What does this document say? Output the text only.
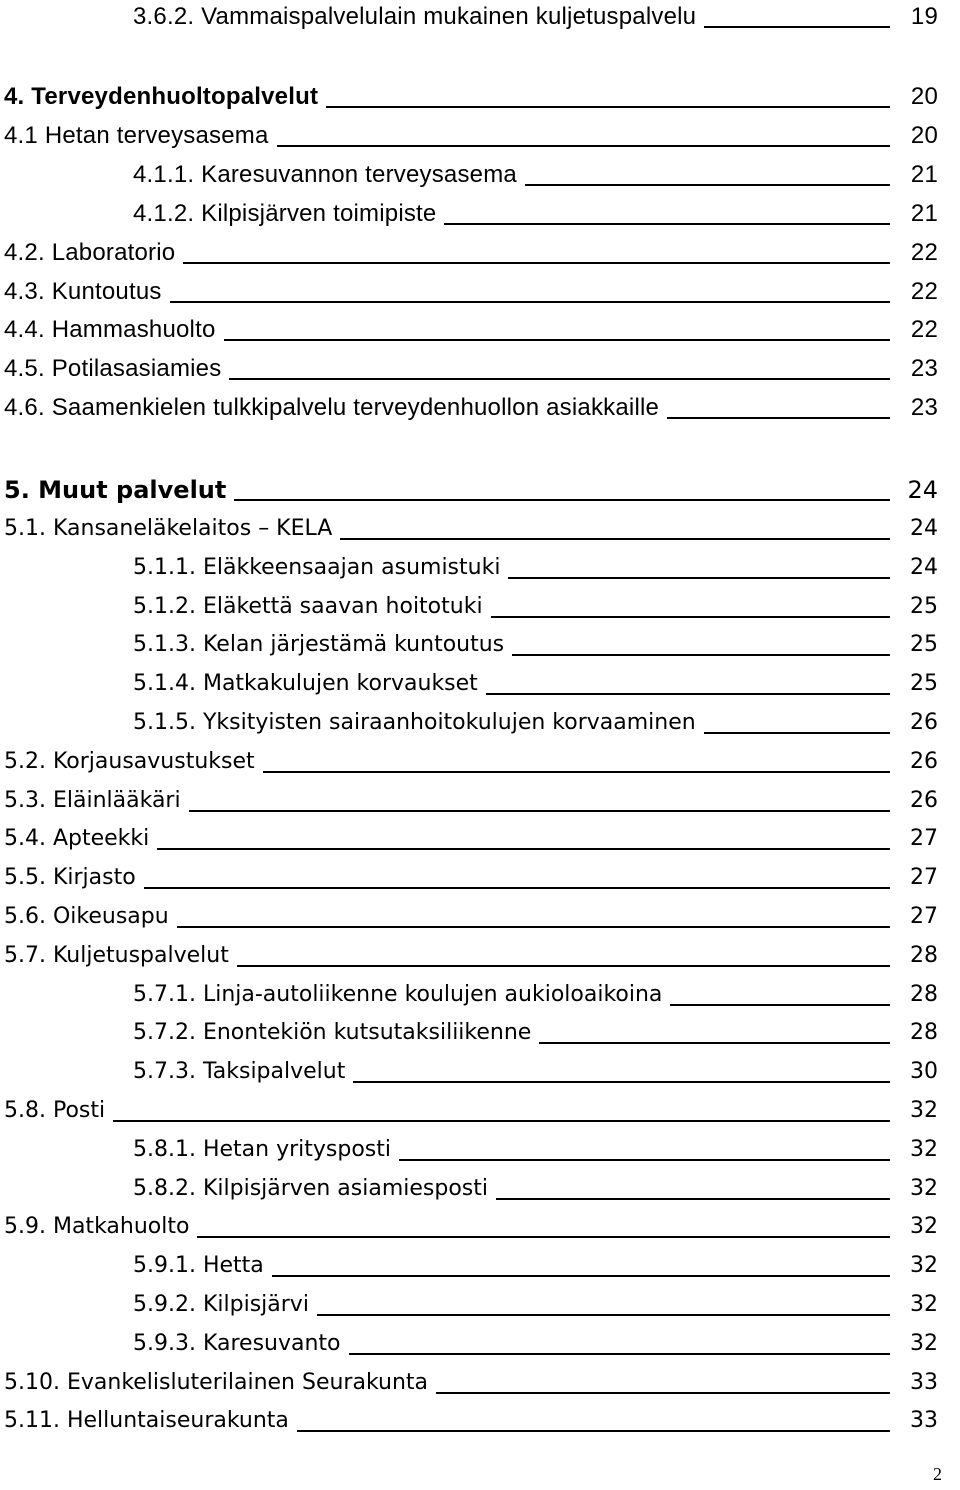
3.6.2. Vammaispalvelulain mukainen kuljetuspalvelu	19
4. Terveydenhuoltopalvelut	20
4.1 Hetan terveysasema	20
4.1.1. Karesuvannon terveysasema	21
4.1.2. Kilpisjärven toimipiste	21
4.2. Laboratorio	22
4.3. Kuntoutus	22
4.4. Hammashuolto	22
4.5. Potilasasiamies	23
4.6. Saamenkielen tulkkipalvelu terveydenhuollon asiakkaille	23
5. Muut palvelut	24
5.1. Kansaneläkelaitos – KELA	24
5.1.1. Eläkkeensaajan asumistuki	24
5.1.2. Eläkettä saavan hoitotuki	25
5.1.3. Kelan järjestämä kuntoutus	25
5.1.4. Matkakulujen korvaukset	25
5.1.5. Yksityisten sairaanhoitokulujen korvaaminen	26
5.2. Korjausavustukset	26
5.3. Eläinlääkäri	26
5.4. Apteekki	27
5.5. Kirjasto	27
5.6. Oikeusapu	27
5.7. Kuljetuspalvelut	28
5.7.1. Linja-autoliikenne koulujen aukioloaikoina	28
5.7.2. Enontekiön kutsutaksiliikenne	28
5.7.3. Taksipalvelut	30
5.8. Posti	32
5.8.1. Hetan yritysposti	32
5.8.2. Kilpisjärven asiamiesposti	32
5.9. Matkahuolto	32
5.9.1. Hetta	32
5.9.2. Kilpisjärvi	32
5.9.3. Karesuvanto	32
5.10. Evankelisluterilainen Seurakunta	33
5.11. Helluntaiseurakunta	33
2
